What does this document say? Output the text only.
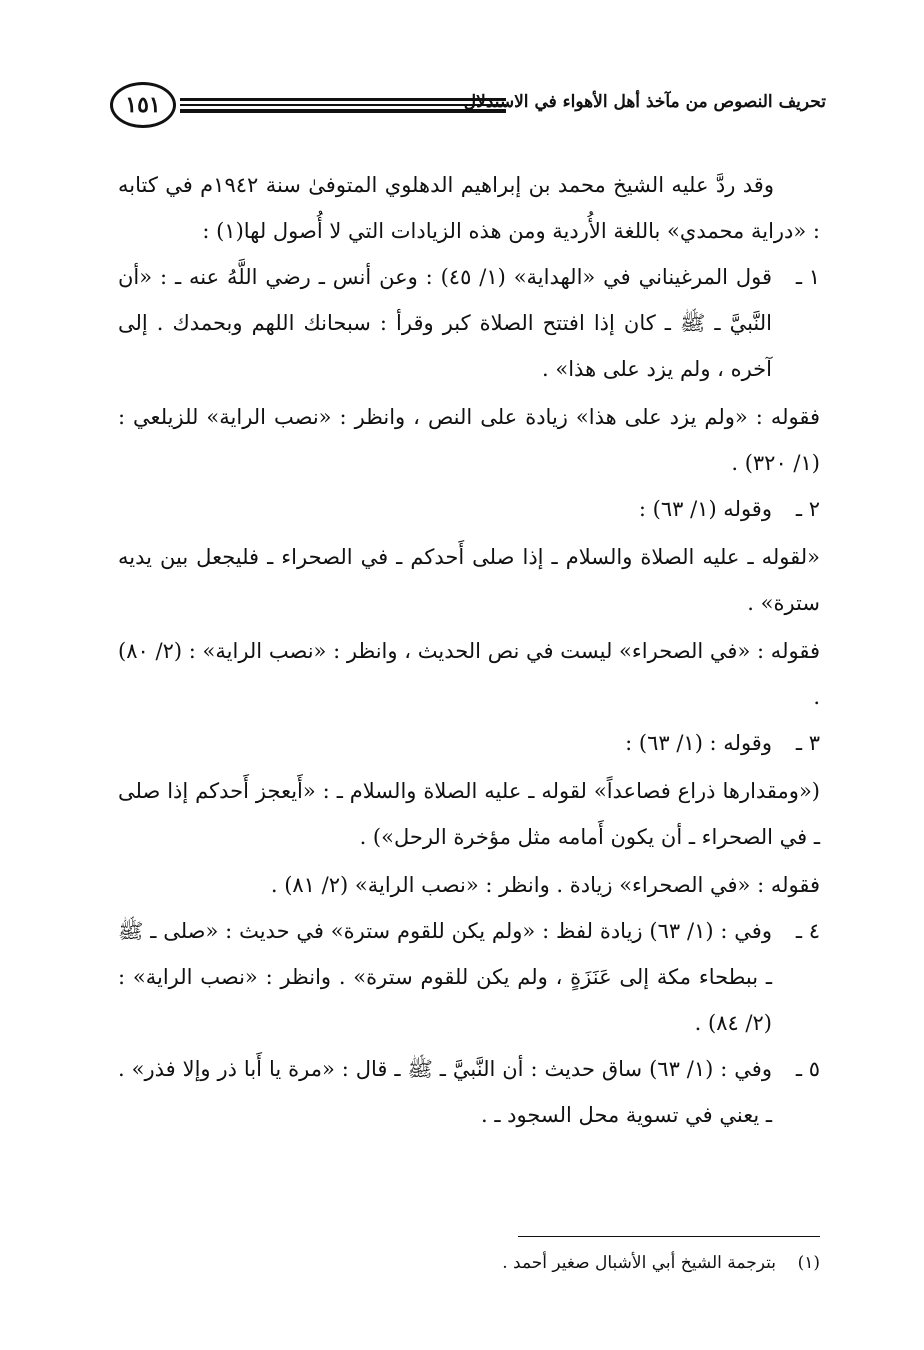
١٥١	تحريف النصوص من مآخذ أهل الأهواء في الاستدلال

وقد ردَّ عليه الشيخ محمد بن إبراهيم الدهلوي المتوفىٰ سنة ١٩٤٢م في كتابه : «دراية محمدي» باللغة الأُردية ومن هذه الزيادات التي لا أُصول لها(١) :

١ ـ

قول المرغيناني في «الهداية» (١/ ٤٥) : وعن أنس ـ رضي اللَّهُ عنه ـ : «أن النَّبيَّ ـ ﷺ ـ كان إذا افتتح الصلاة كبر وقرأ : سبحانك اللهم وبحمدك . إلى آخره ، ولم يزد على هذا» .

فقوله : «ولم يزد على هذا» زيادة على النص ، وانظر : «نصب الراية» للزيلعي : (١/ ٣٢٠) .

٢ ـ

وقوله (١/ ٦٣) :

«لقوله ـ عليه الصلاة والسلام ـ إذا صلى أَحدكم ـ في الصحراء ـ فليجعل بين يديه سترة» .

فقوله : «في الصحراء» ليست في نص الحديث ، وانظر : «نصب الراية» : (٢/ ٨٠) .

٣ ـ

وقوله : (١/ ٦٣) :

(«ومقدارها ذراع فصاعداً» لقوله ـ عليه الصلاة والسلام ـ : «أَيعجز أَحدكم إذا صلى ـ في الصحراء ـ أن يكون أَمامه مثل مؤخرة الرحل») .

فقوله : «في الصحراء» زيادة . وانظر : «نصب الراية» (٢/ ٨١) .

٤ ـ

وفي : (١/ ٦٣) زيادة لفظ : «ولم يكن للقوم سترة» في حديث : «صلى ـ ﷺ ـ ببطحاء مكة إلى عَنَزَةٍ ، ولم يكن للقوم سترة» . وانظر : «نصب الراية» : (٢/ ٨٤) .

٥ ـ

وفي : (١/ ٦٣) ساق حديث : أن النَّبيَّ ـ ﷺ ـ قال : «مرة يا أَبا ذر وإلا فذر» . ـ يعني في تسوية محل السجود ـ .

(١)بترجمة الشيخ أبي الأشبال صغير أحمد .
